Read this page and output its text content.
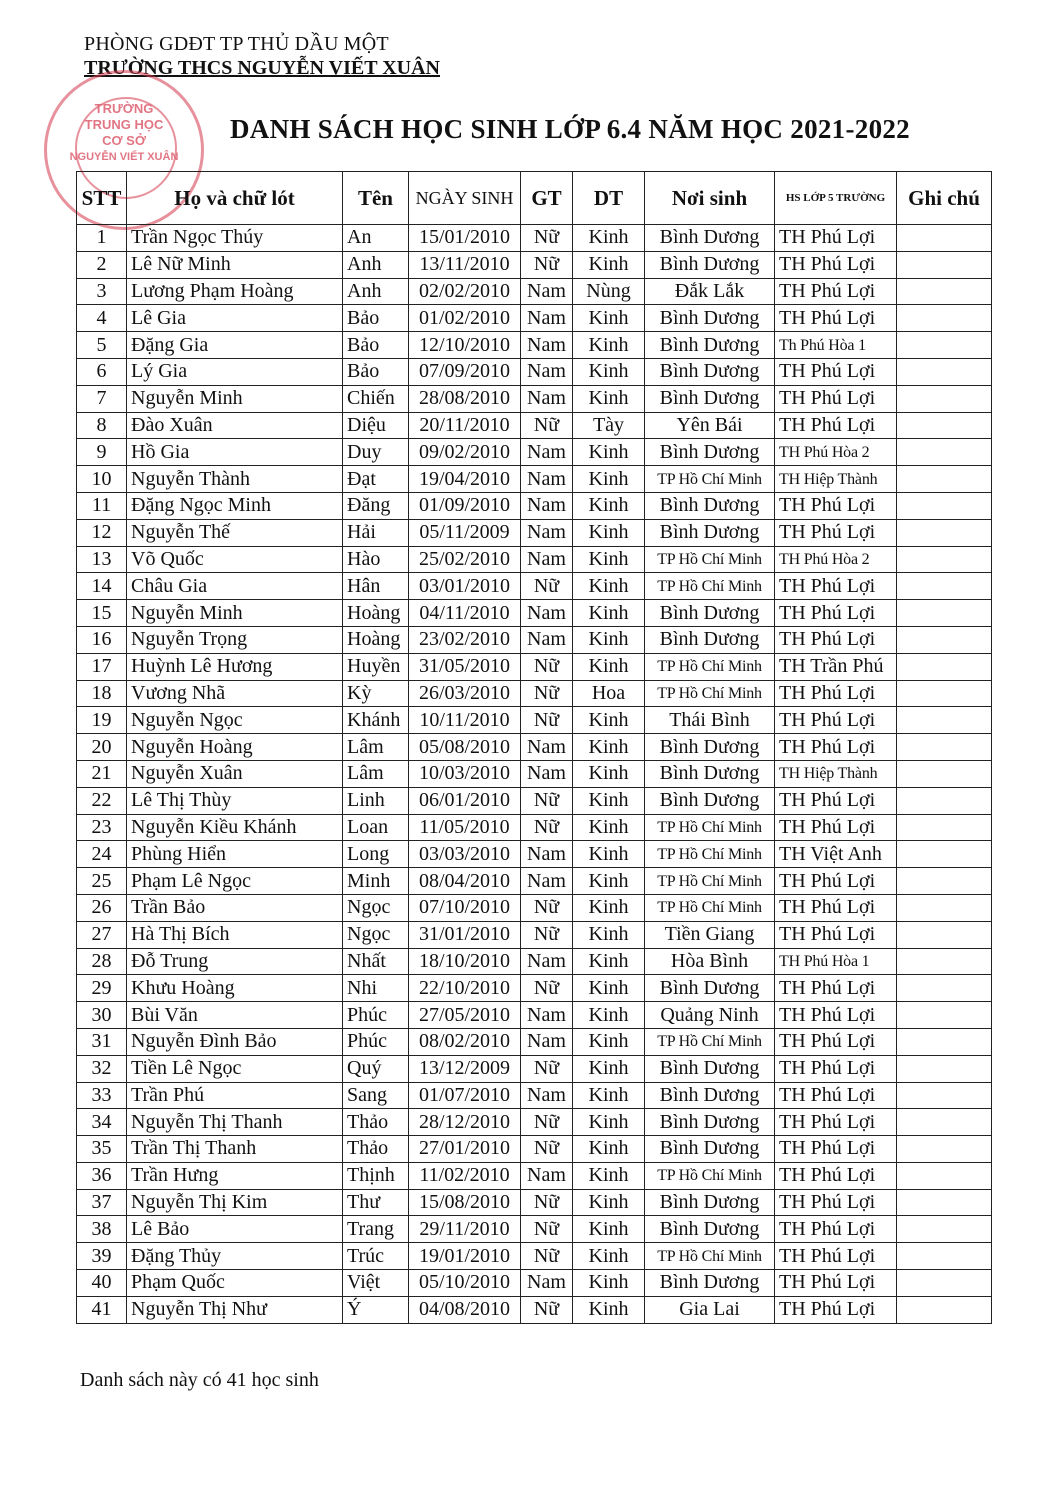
PHÒNG GDĐT TP THỦ DẦU MỘT
TRƯỜNG THCS NGUYỄN VIẾT XUÂN
TRƯỜNG
TRUNG HỌC
CƠ SỞ
NGUYỄN VIẾT XUÂN
DANH SÁCH HỌC SINH LỚP 6.4 NĂM HỌC 2021-2022
STT	Họ và chữ lót	Tên	NGÀY SINH	GT	DT	Nơi sinh	HS LỚP 5 TRƯỜNG	Ghi chú
1	Trần Ngọc Thúy	An	15/01/2010	Nữ	Kinh	Bình Dương	TH Phú Lợi	
2	Lê Nữ Minh	Anh	13/11/2010	Nữ	Kinh	Bình Dương	TH Phú Lợi	
3	Lương Phạm Hoàng	Anh	02/02/2010	Nam	Nùng	Đắk Lắk	TH Phú Lợi	
4	Lê Gia	Bảo	01/02/2010	Nam	Kinh	Bình Dương	TH Phú Lợi	
5	Đặng Gia	Bảo	12/10/2010	Nam	Kinh	Bình Dương	Th Phú Hòa 1	
6	Lý Gia	Bảo	07/09/2010	Nam	Kinh	Bình Dương	TH Phú Lợi	
7	Nguyễn Minh	Chiến	28/08/2010	Nam	Kinh	Bình Dương	TH Phú Lợi	
8	Đào Xuân	Diệu	20/11/2010	Nữ	Tày	Yên Bái	TH Phú Lợi	
9	Hồ Gia	Duy	09/02/2010	Nam	Kinh	Bình Dương	TH Phú Hòa 2	
10	Nguyễn Thành	Đạt	19/04/2010	Nam	Kinh	TP Hồ Chí Minh	TH Hiệp Thành	
11	Đặng Ngọc Minh	Đăng	01/09/2010	Nam	Kinh	Bình Dương	TH Phú Lợi	
12	Nguyễn Thế	Hải	05/11/2009	Nam	Kinh	Bình Dương	TH Phú Lợi	
13	Võ Quốc	Hào	25/02/2010	Nam	Kinh	TP Hồ Chí Minh	TH Phú Hòa 2	
14	Châu Gia	Hân	03/01/2010	Nữ	Kinh	TP Hồ Chí Minh	TH Phú Lợi	
15	Nguyễn Minh	Hoàng	04/11/2010	Nam	Kinh	Bình Dương	TH Phú Lợi	
16	Nguyễn Trọng	Hoàng	23/02/2010	Nam	Kinh	Bình Dương	TH Phú Lợi	
17	Huỳnh Lê Hương	Huyền	31/05/2010	Nữ	Kinh	TP Hồ Chí Minh	TH Trần Phú	
18	Vương Nhã	Kỳ	26/03/2010	Nữ	Hoa	TP Hồ Chí Minh	TH Phú Lợi	
19	Nguyễn Ngọc	Khánh	10/11/2010	Nữ	Kinh	Thái Bình	TH Phú Lợi	
20	Nguyễn Hoàng	Lâm	05/08/2010	Nam	Kinh	Bình Dương	TH Phú Lợi	
21	Nguyễn Xuân	Lâm	10/03/2010	Nam	Kinh	Bình Dương	TH Hiệp Thành	
22	Lê Thị Thùy	Linh	06/01/2010	Nữ	Kinh	Bình Dương	TH Phú Lợi	
23	Nguyễn Kiều Khánh	Loan	11/05/2010	Nữ	Kinh	TP Hồ Chí Minh	TH Phú Lợi	
24	Phùng Hiển	Long	03/03/2010	Nam	Kinh	TP Hồ Chí Minh	TH Việt Anh	
25	Phạm Lê Ngọc	Minh	08/04/2010	Nam	Kinh	TP Hồ Chí Minh	TH Phú Lợi	
26	Trần Bảo	Ngọc	07/10/2010	Nữ	Kinh	TP Hồ Chí Minh	TH Phú Lợi	
27	Hà Thị Bích	Ngọc	31/01/2010	Nữ	Kinh	Tiền Giang	TH Phú Lợi	
28	Đỗ Trung	Nhất	18/10/2010	Nam	Kinh	Hòa Bình	TH Phú Hòa 1	
29	Khưu Hoàng	Nhi	22/10/2010	Nữ	Kinh	Bình Dương	TH Phú Lợi	
30	Bùi Văn	Phúc	27/05/2010	Nam	Kinh	Quảng Ninh	TH Phú Lợi	
31	Nguyễn Đình Bảo	Phúc	08/02/2010	Nam	Kinh	TP Hồ Chí Minh	TH Phú Lợi	
32	Tiền Lê Ngọc	Quý	13/12/2009	Nữ	Kinh	Bình Dương	TH Phú Lợi	
33	Trần Phú	Sang	01/07/2010	Nam	Kinh	Bình Dương	TH Phú Lợi	
34	Nguyễn Thị Thanh	Thảo	28/12/2010	Nữ	Kinh	Bình Dương	TH Phú Lợi	
35	Trần Thị Thanh	Thảo	27/01/2010	Nữ	Kinh	Bình Dương	TH Phú Lợi	
36	Trần Hưng	Thịnh	11/02/2010	Nam	Kinh	TP Hồ Chí Minh	TH Phú Lợi	
37	Nguyễn Thị Kim	Thư	15/08/2010	Nữ	Kinh	Bình Dương	TH Phú Lợi	
38	Lê Bảo	Trang	29/11/2010	Nữ	Kinh	Bình Dương	TH Phú Lợi	
39	Đặng Thủy	Trúc	19/01/2010	Nữ	Kinh	TP Hồ Chí Minh	TH Phú Lợi	
40	Phạm Quốc	Việt	05/10/2010	Nam	Kinh	Bình Dương	TH Phú Lợi	
41	Nguyễn Thị Như	Ý	04/08/2010	Nữ	Kinh	Gia Lai	TH Phú Lợi	
Danh sách này có 41 học sinh
